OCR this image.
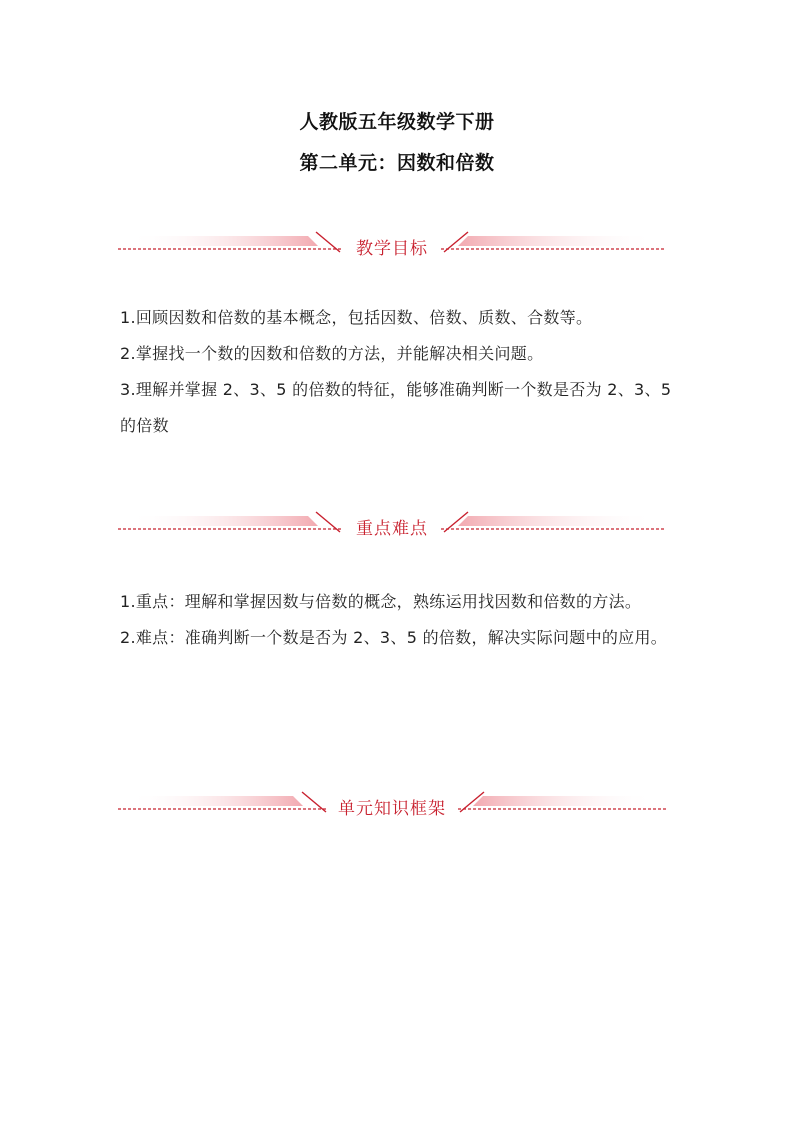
人教版五年级数学下册
第二单元：因数和倍数
教学目标

1.回顾因数和倍数的基本概念，包括因数、倍数、质数、合数等。

2.掌握找一个数的因数和倍数的方法，并能解决相关问题。

3.理解并掌握 2、3、5 的倍数的特征，能够准确判断一个数是否为 2、3、5 的倍数

重点难点

1.重点：理解和掌握因数与倍数的概念，熟练运用找因数和倍数的方法。

2.难点：准确判断一个数是否为 2、3、5 的倍数，解决实际问题中的应用。

单元知识框架
